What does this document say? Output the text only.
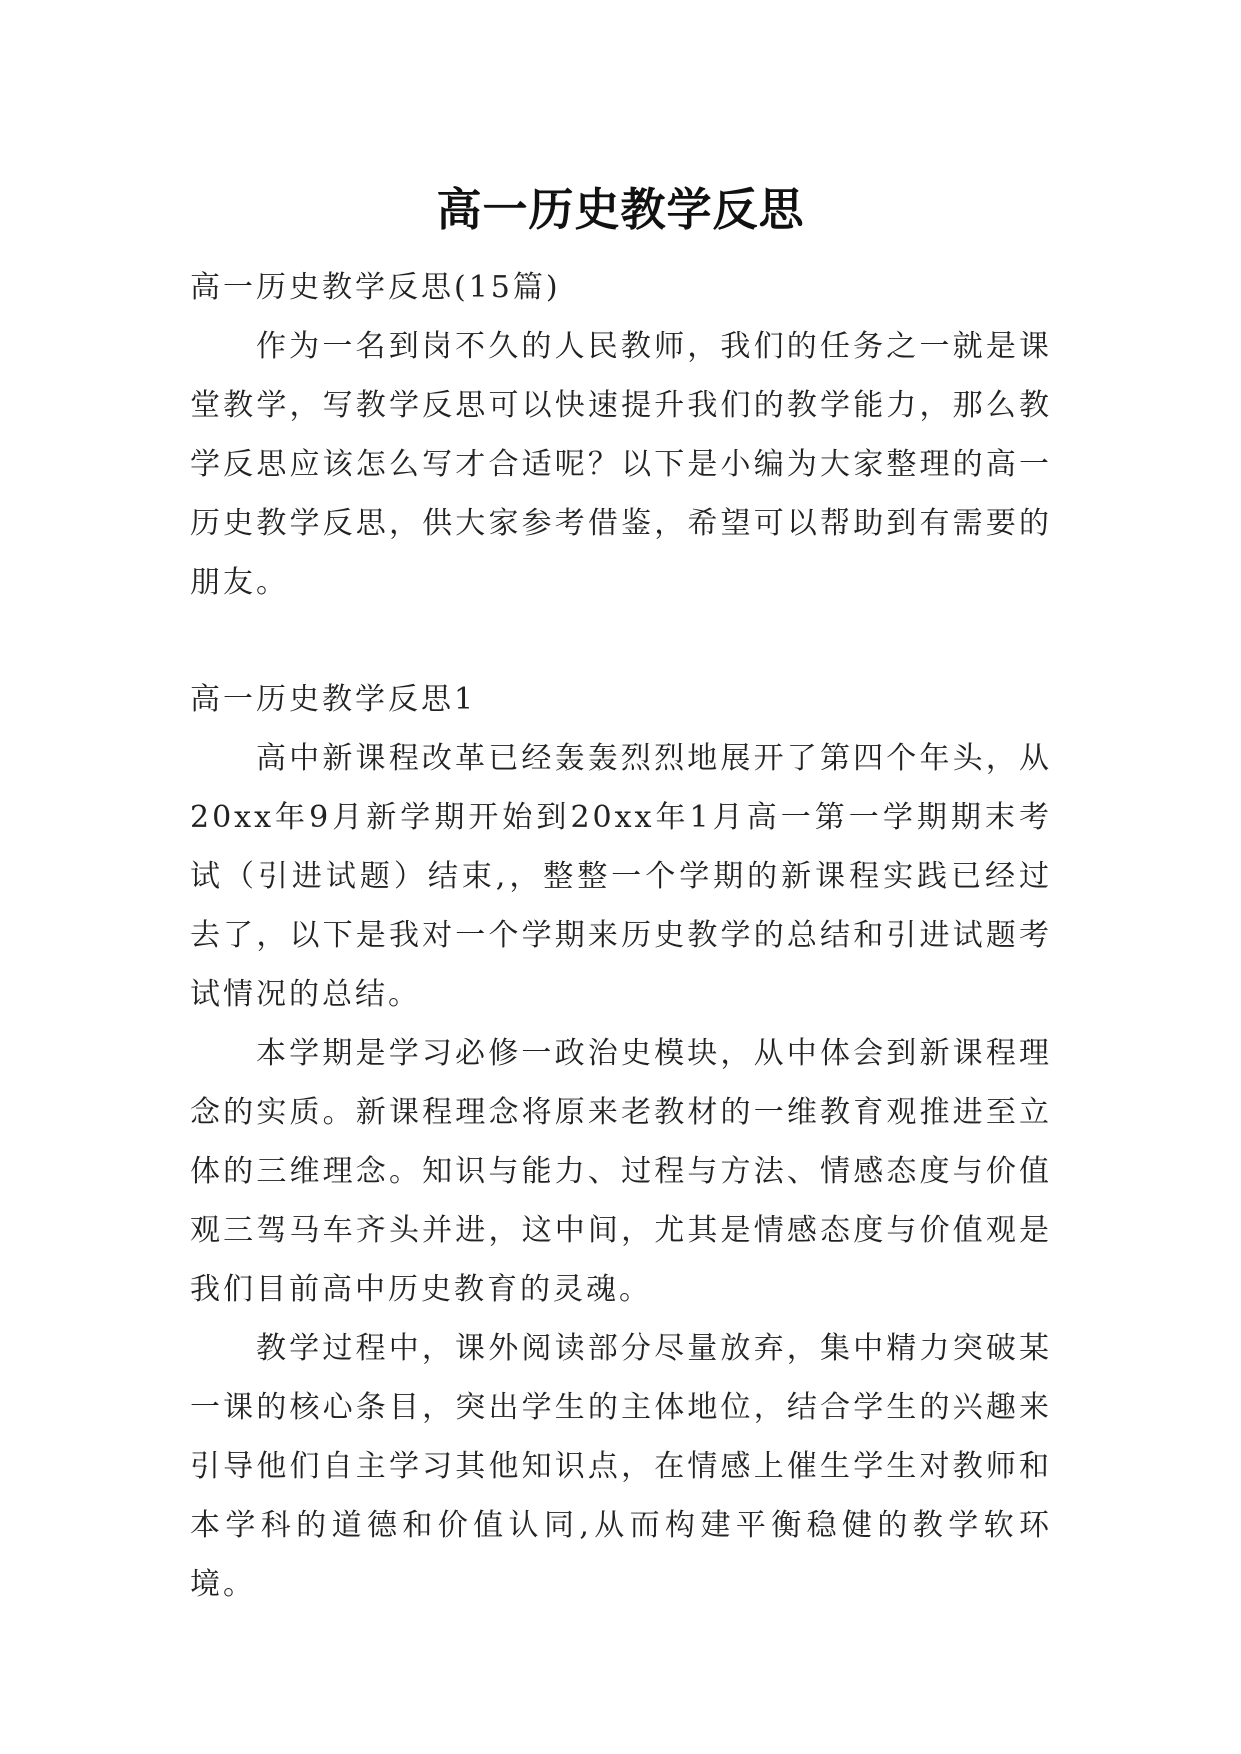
高一历史教学反思

高一历史教学反思(15篇)

作为一名到岗不久的人民教师，我们的任务之一就是课堂教学，写教学反思可以快速提升我们的教学能力，那么教学反思应该怎么写才合适呢？以下是小编为大家整理的高一历史教学反思，供大家参考借鉴，希望可以帮助到有需要的朋友。

高一历史教学反思1

高中新课程改革已经轰轰烈烈地展开了第四个年头，从20xx年9月新学期开始到20xx年1月高一第一学期期末考试（引进试题）结束,，整整一个学期的新课程实践已经过去了，以下是我对一个学期来历史教学的总结和引进试题考试情况的总结。

本学期是学习必修一政治史模块，从中体会到新课程理念的实质。新课程理念将原来老教材的一维教育观推进至立体的三维理念。知识与能力、过程与方法、情感态度与价值观三驾马车齐头并进，这中间，尤其是情感态度与价值观是我们目前高中历史教育的灵魂。

教学过程中，课外阅读部分尽量放弃，集中精力突破某一课的核心条目，突出学生的主体地位，结合学生的兴趣来引导他们自主学习其他知识点，在情感上催生学生对教师和本学科的道德和价值认同,从而构建平衡稳健的教学软环境。
